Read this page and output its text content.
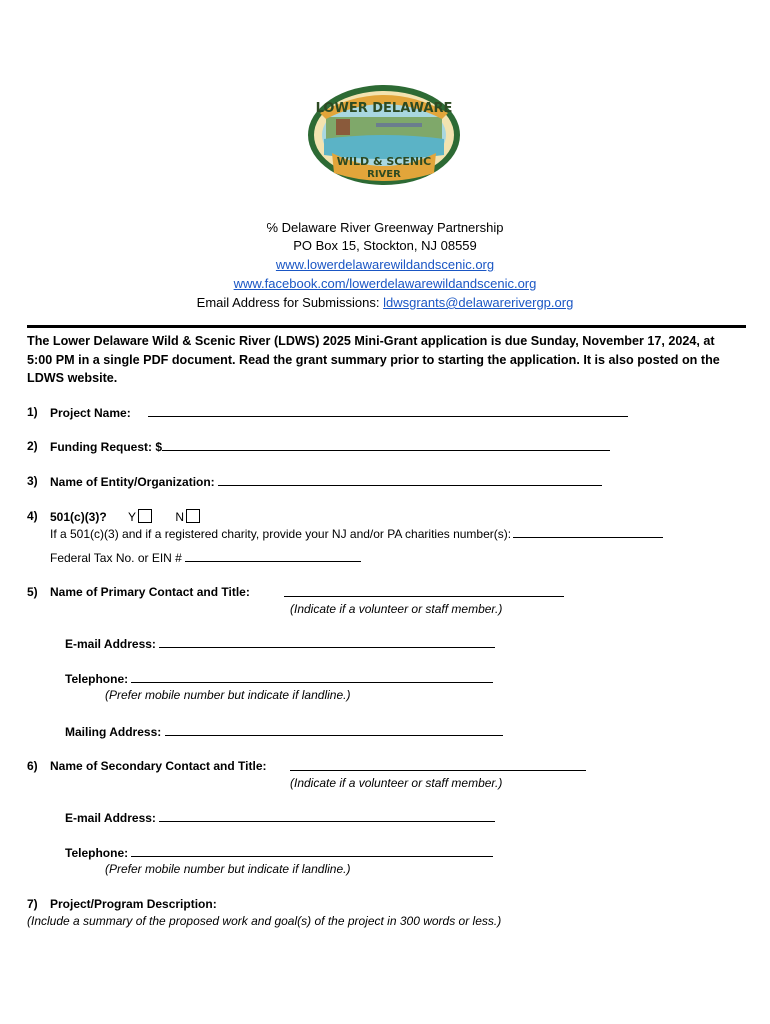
LOWER DELAWARE
WILD & SCENIC
RIVER
℅ Delaware River Greenway Partnership
PO Box 15, Stockton, NJ 08559
www.lowerdelawarewildandscenic.org
www.facebook.com/lowerdelawarewildandscenic.org
Email Address for Submissions: ldwsgrants@delawarerivergр.org
The Lower Delaware Wild & Scenic River (LDWS) 2025 Mini-Grant application is due Sunday, November 17, 2024, at 5:00 PM in a single PDF document. Read the grant summary prior to starting the application. It is also posted on the LDWS website.
1) Project Name:
2) Funding Request: $
3) Name of Entity/Organization:
4) 501(c)(3)? Y	N
If a 501(c)(3) and if a registered charity, provide your NJ and/or PA charities number(s):
Federal Tax No. or EIN #
5) Name of Primary Contact and Title:
(Indicate if a volunteer or staff member.)
E-mail Address:
Telephone:
(Prefer mobile number but indicate if landline.)
Mailing Address:
6) Name of Secondary Contact and Title:
(Indicate if a volunteer or staff member.)
E-mail Address:
Telephone:
(Prefer mobile number but indicate if landline.)
7) Project/Program Description:
(Include a summary of the proposed work and goal(s) of the project in 300 words or less.)
